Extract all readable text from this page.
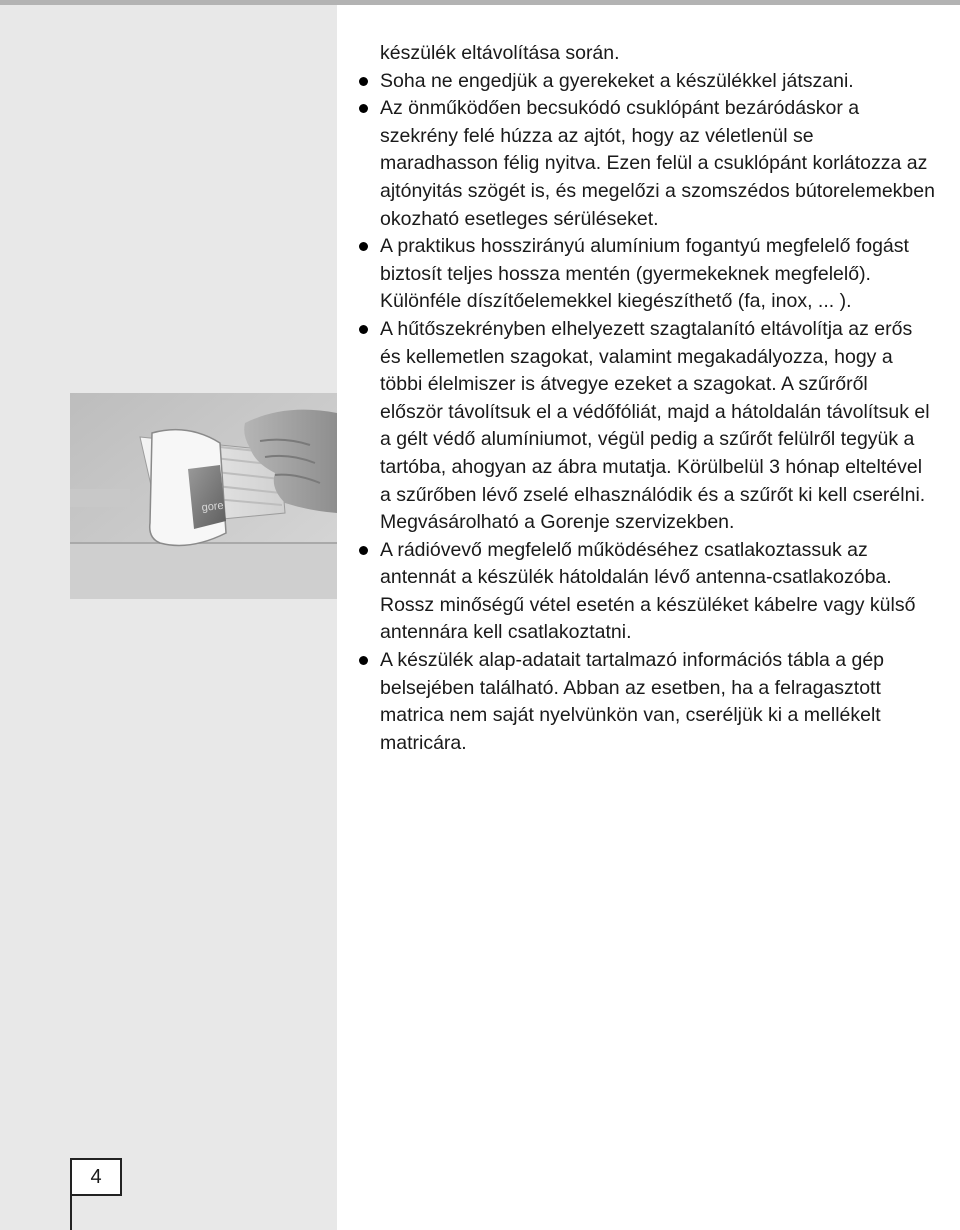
gore

készülék eltávolítása során.

Soha ne engedjük a gyerekeket a készülékkel játszani.
Az önműködően becsukódó csuklópánt bezáródáskor a szekrény felé húzza az ajtót, hogy az véletlenül se maradhasson félig nyitva. Ezen felül a csuklópánt korlátozza az ajtónyitás szögét is, és megelőzi a szomszédos bútorelemekben okozható esetleges sérüléseket.
A praktikus hosszirányú alumínium fogantyú megfelelő fogást biztosít teljes hossza mentén (gyermekeknek megfelelő). Különféle díszítőelemekkel kiegészíthető (fa, inox, ... ).
A hűtőszekrényben elhelyezett szagtalanító eltávolítja az erős és kellemetlen szagokat, valamint megakadályozza, hogy a többi élelmiszer is átvegye ezeket a szagokat. A szűrőről először távolítsuk el a védőfóliát, majd a hátoldalán távolítsuk el a gélt védő alumíniumot, végül pedig a szűrőt felülről tegyük a tartóba, ahogyan az ábra mutatja. Körülbelül 3 hónap elteltével a szűrőben lévő zselé elhasználódik és a szűrőt ki kell cserélni. Megvásárolható a Gorenje szervizekben.
A rádióvevő megfelelő működéséhez csatlakoztassuk az antennát a készülék hátoldalán lévő antenna-csatlakozóba. Rossz minőségű vétel esetén a készüléket kábelre vagy külső antennára kell csatlakoztatni.
A készülék alap-adatait tartalmazó információs tábla a gép belsejében található. Abban az esetben, ha a felragasztott matrica nem saját nyelvünkön van, cseréljük ki a mellékelt matricára.
4
